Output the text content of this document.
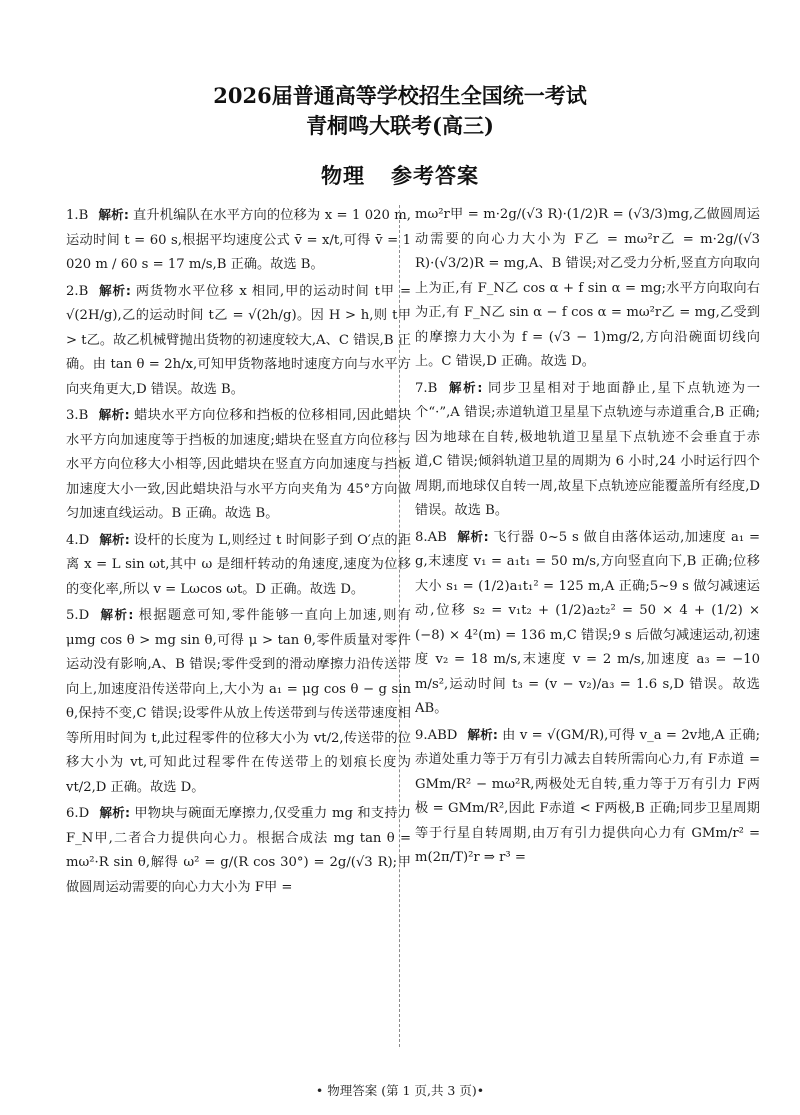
2026届普通高等学校招生全国统一考试
青桐鸣大联考(高三)
物理 参考答案
1.B 解析: 直升机编队在水平方向的位移为 x = 1 020 m,运动时间 t = 60 s,根据平均速度公式 v̄ = x/t,可得 v̄ = 1 020 m / 60 s = 17 m/s,B 正确。故选 B。
2.B 解析: 两货物水平位移 x 相同,甲的运动时间 t甲 = √(2H/g),乙的运动时间 t乙 = √(2h/g)。因 H > h,则 t甲 > t乙。故乙机械臂抛出货物的初速度较大,A、C 错误,B 正确。由 tan θ = 2h/x,可知甲货物落地时速度方向与水平方向夹角更大,D 错误。故选 B。
3.B 解析: 蜡块水平方向位移和挡板的位移相同,因此蜡块水平方向加速度等于挡板的加速度;蜡块在竖直方向位移与水平方向位移大小相等,因此蜡块在竖直方向加速度与挡板加速度大小一致,因此蜡块沿与水平方向夹角为 45°方向做匀加速直线运动。B 正确。故选 B。
4.D 解析: 设杆的长度为 L,则经过 t 时间影子到 O′点的距离 x = L sin ωt,其中 ω 是细杆转动的角速度,速度为位移的变化率,所以 v = Lωcos ωt。D 正确。故选 D。
5.D 解析: 根据题意可知,零件能够一直向上加速,则有 μmg cos θ > mg sin θ,可得 μ > tan θ,零件质量对零件运动没有影响,A、B 错误;零件受到的滑动摩擦力沿传送带向上,加速度沿传送带向上,大小为 a₁ = μg cos θ − g sin θ,保持不变,C 错误;设零件从放上传送带到与传送带速度相等所用时间为 t,此过程零件的位移大小为 vt/2,传送带的位移大小为 vt,可知此过程零件在传送带上的划痕长度为 vt/2,D 正确。故选 D。
6.D 解析: 甲物块与碗面无摩擦力,仅受重力 mg 和支持力 F_N甲,二者合力提供向心力。根据合成法 mg tan θ = mω²·R sin θ,解得 ω² = g/(R cos 30°) = 2g/(√3 R);甲做圆周运动需要的向心力大小为 F甲 =
mω²r甲 = m·2g/(√3 R)·(1/2)R = (√3/3)mg,乙做圆周运动需要的向心力大小为 F乙 = mω²r乙 = m·2g/(√3 R)·(√3/2)R = mg,A、B 错误;对乙受力分析,竖直方向取向上为正,有 F_N乙 cos α + f sin α = mg;水平方向取向右为正,有 F_N乙 sin α − f cos α = mω²r乙 = mg,乙受到的摩擦力大小为 f = (√3 − 1)mg/2,方向沿碗面切线向上。C 错误,D 正确。故选 D。
7.B 解析: 同步卫星相对于地面静止,星下点轨迹为一个“·”,A 错误;赤道轨道卫星星下点轨迹与赤道重合,B 正确;因为地球在自转,极地轨道卫星星下点轨迹不会垂直于赤道,C 错误;倾斜轨道卫星的周期为 6 小时,24 小时运行四个周期,而地球仅自转一周,故星下点轨迹应能覆盖所有经度,D 错误。故选 B。
8.AB 解析: 飞行器 0~5 s 做自由落体运动,加速度 a₁ = g,末速度 v₁ = a₁t₁ = 50 m/s,方向竖直向下,B 正确;位移大小 s₁ = (1/2)a₁t₁² = 125 m,A 正确;5~9 s 做匀减速运动,位移 s₂ = v₁t₂ + (1/2)a₂t₂² = 50 × 4 + (1/2) × (−8) × 4²(m) = 136 m,C 错误;9 s 后做匀减速运动,初速度 v₂ = 18 m/s,末速度 v = 2 m/s,加速度 a₃ = −10 m/s²,运动时间 t₃ = (v − v₂)/a₃ = 1.6 s,D 错误。故选 AB。
9.ABD 解析: 由 v = √(GM/R),可得 v_a = 2v地,A 正确;赤道处重力等于万有引力减去自转所需向心力,有 F赤道 = GMm/R² − mω²R,两极处无自转,重力等于万有引力 F两极 = GMm/R²,因此 F赤道 < F两极,B 正确;同步卫星周期等于行星自转周期,由万有引力提供向心力有 GMm/r² = m(2π/T)²r ⇒ r³ =
• 物理答案 (第 1 页,共 3 页)•
